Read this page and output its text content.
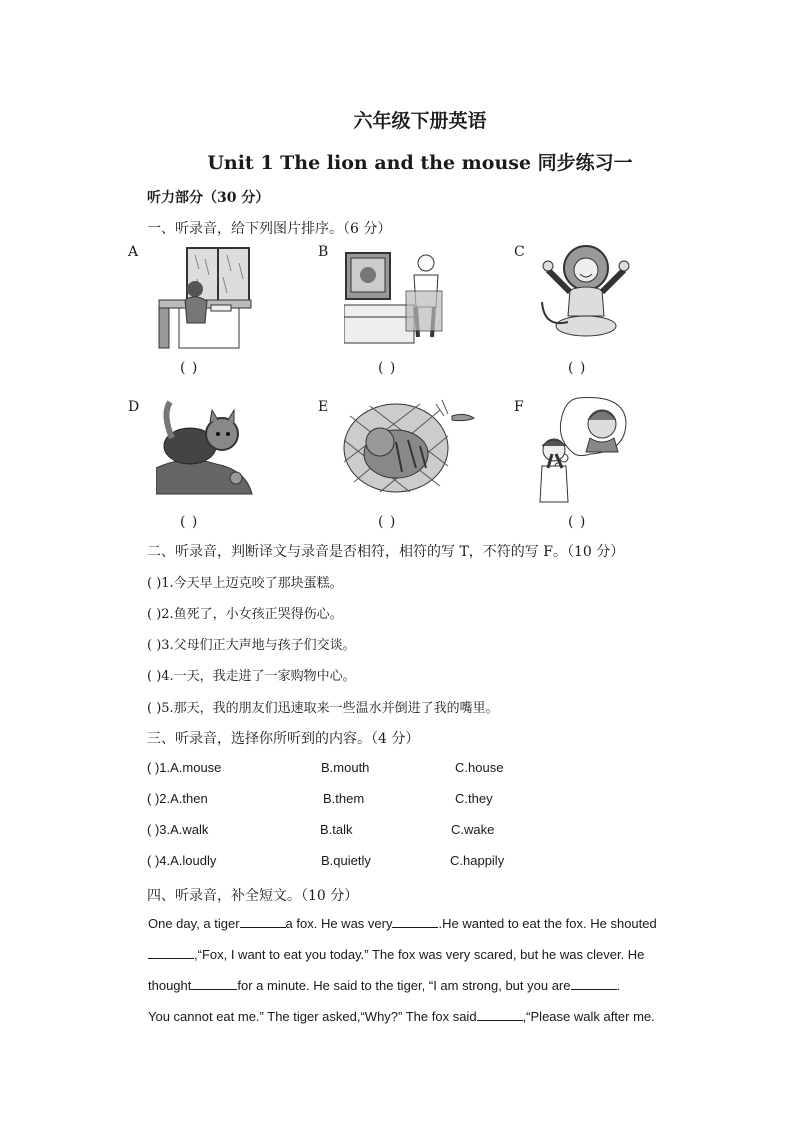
六年级下册英语
Unit 1 The lion and the mouse 同步练习一
听力部分（30 分）
一、听录音，给下列图片排序。（6 分）
A
( )
B
( )
C
( )
D
( )
E
( )
F
( )
二、听录音，判断译文与录音是否相符，相符的写 T，不符的写 F。（10 分）
( )1.今天早上迈克咬了那块蛋糕。
( )2.鱼死了，小女孩正哭得伤心。
( )3.父母们正大声地与孩子们交谈。
( )4.一天，我走进了一家购物中心。
( )5.那天，我的朋友们迅速取来一些温水并倒进了我的嘴里。
三、听录音，选择你所听到的内容。（4 分）
( )1.A.mouse	B.mouth	C.house
( )2.A.then	B.them	C.they
( )3.A.walk	B.talk	C.wake
( )4.A.loudly	B.quietly	C.happily
四、听录音，补全短文。（10 分）
One day, a tiger	a fox. He was very	.He wanted to eat the fox. He shouted
,“Fox, I want to eat you today.” The fox was very scared, but he was clever. He
thought	for a minute. He said to the tiger, “I am strong, but you are	.
You cannot eat me.” The tiger asked,“Why?” The fox said	,“Please walk after me.
